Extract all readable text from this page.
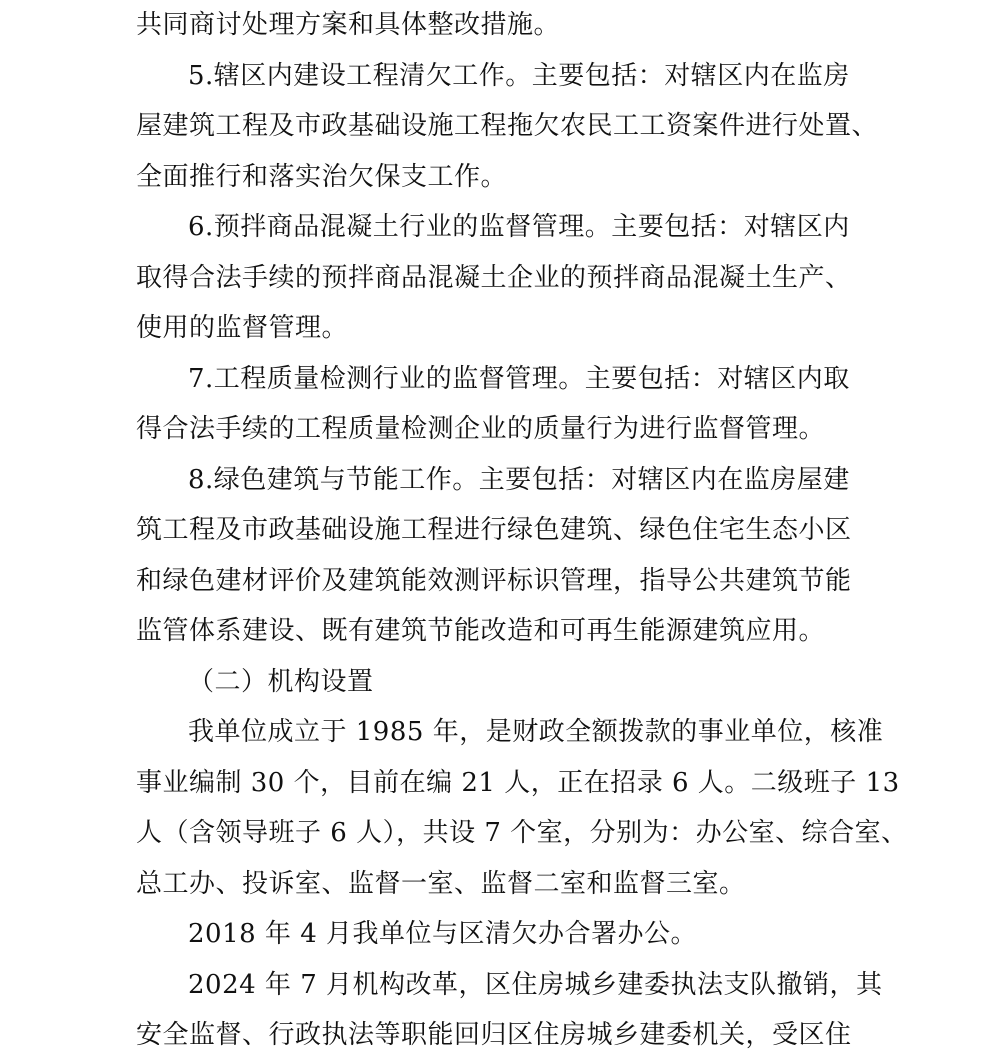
共同商讨处理方案和具体整改措施。
5.辖区内建设工程清欠工作。主要包括：对辖区内在监房
屋建筑工程及市政基础设施工程拖欠农民工工资案件进行处置、
全面推行和落实治欠保支工作。
6.预拌商品混凝土行业的监督管理。主要包括：对辖区内
取得合法手续的预拌商品混凝土企业的预拌商品混凝土生产、
使用的监督管理。
7.工程质量检测行业的监督管理。主要包括：对辖区内取
得合法手续的工程质量检测企业的质量行为进行监督管理。
8.绿色建筑与节能工作。主要包括：对辖区内在监房屋建
筑工程及市政基础设施工程进行绿色建筑、绿色住宅生态小区
和绿色建材评价及建筑能效测评标识管理，指导公共建筑节能
监管体系建设、既有建筑节能改造和可再生能源建筑应用。
（二）机构设置
我单位成立于 1985 年，是财政全额拨款的事业单位，核准
事业编制 30 个，目前在编 21 人，正在招录 6 人。二级班子 13
人（含领导班子 6 人），共设 7 个室，分别为：办公室、综合室、
总工办、投诉室、监督一室、监督二室和监督三室。
2018 年 4 月我单位与区清欠办合署办公。
2024 年 7 月机构改革，区住房城乡建委执法支队撤销，其
安全监督、行政执法等职能回归区住房城乡建委机关，受区住
